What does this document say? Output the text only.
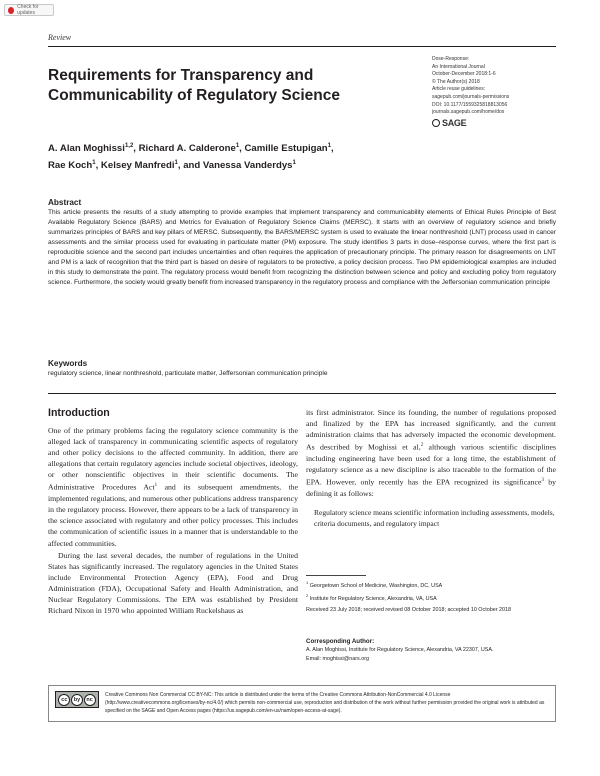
Check for updates
Review
Requirements for Transparency and Communicability of Regulatory Science
Dose-Response:
An International Journal
October-December 2018:1-6
© The Author(s) 2018
Article reuse guidelines:
sagepub.com/journals-permissions
DOI: 10.1177/1559325818813056
journals.sagepub.com/home/dos
SAGE
A. Alan Moghissi$^{1,2}$, Richard A. Calderone$^1$, Camille Estupigan$^1$,
Rae Koch$^1$, Kelsey Manfredi$^1$, and Vanessa Vanderdys$^1$
Abstract

This article presents the results of a study attempting to provide examples that implement transparency and communicability elements of Ethical Rules Principle of Best Available Regulatory Science (BARS) and Metrics for Evaluation of Regulatory Science Claims (MERSC). It starts with an overview of regulatory science and briefly summarizes principles of BARS and key pillars of MERSC. Subsequently, the BARS/MERSC system is used to evaluate the linear nonthreshold (LNT) process used in cancer assessments and the similar process used for evaluating in particulate matter (PM) exposure. The study identifies 3 parts in dose–response curves, where the first part is reproducible science and the second part includes uncertainties and often requires the application of precautionary principle. The primary reason for disagreements on LNT and PM is a lack of recognition that the third part is based on desire of regulators to be protective, a policy decision process. Two PM epidemiological examples are included in this study to demonstrate the point. The regulatory process would benefit from recognizing the distinction between science and policy and excluding policy from regulatory science. Furthermore, the society would greatly benefit from increased transparency in the regulatory process and compliance with the Jeffersonian communication principle

Keywords

regulatory science, linear nonthreshold, particulate matter, Jeffersonian communication principle

Introduction

One of the primary problems facing the regulatory science community is the alleged lack of transparency in communicating scientific aspects of regulatory and other policy decisions to the affected community. In addition, there are allegations that certain regulatory agencies include societal objectives, ideology, or other nonscientific objectives in their scientific documents. The Administrative Procedures Act$^1$ and its subsequent amendments, the implemented regulations, and numerous other publications address transparency in the regulatory process. However, there appears to be a lack of transparency in the science associated with regulatory and other policy processes. This includes the communication of scientific issues in a manner that is understandable to the affected communities.

During the last several decades, the number of regulations in the United States has significantly increased. The regulatory agencies in the United States include Environmental Protection Agency (EPA), Food and Drug Administration (FDA), Occupational Safety and Health Administration, and Nuclear Regulatory Commissions. The EPA was established by President Richard Nixon in 1970 who appointed William Ruckelshaus as

its first administrator. Since its founding, the number of regulations proposed and finalized by the EPA has increased significantly, and the current administration claims that has adversely impacted the economic development. As described by Moghissi et al,$^2$ although various scientific disciplines including engineering have been used for a long time, the establishment of regulatory science as a new discipline is also traceable to the formation of the EPA. However, only recently has the EPA recognized its significance$^3$ by defining it as follows:

Regulatory science means scientific information including assessments, models, criteria documents, and regulatory impact
$^1$ Georgetown School of Medicine, Washington, DC, USA
$^2$ Institute for Regulatory Science, Alexandria, VA, USA
Received 23 July 2018; received revised 08 October 2018; accepted 10 October 2018
Corresponding Author:
A. Alan Moghissi, Institute for Regulatory Science, Alexandria, VA 22307, USA.
Email: moghissi@nars.org
cc	by	nc
Creative Commons Non Commercial CC BY-NC: This article is distributed under the terms of the Creative Commons Attribution-NonCommercial 4.0 License (http://www.creativecommons.org/licenses/by-nc/4.0/) which permits non-commercial use, reproduction and distribution of the work without further permission provided the original work is attributed as specified on the SAGE and Open Access pages (https://us.sagepub.com/en-us/nam/open-access-at-sage).
